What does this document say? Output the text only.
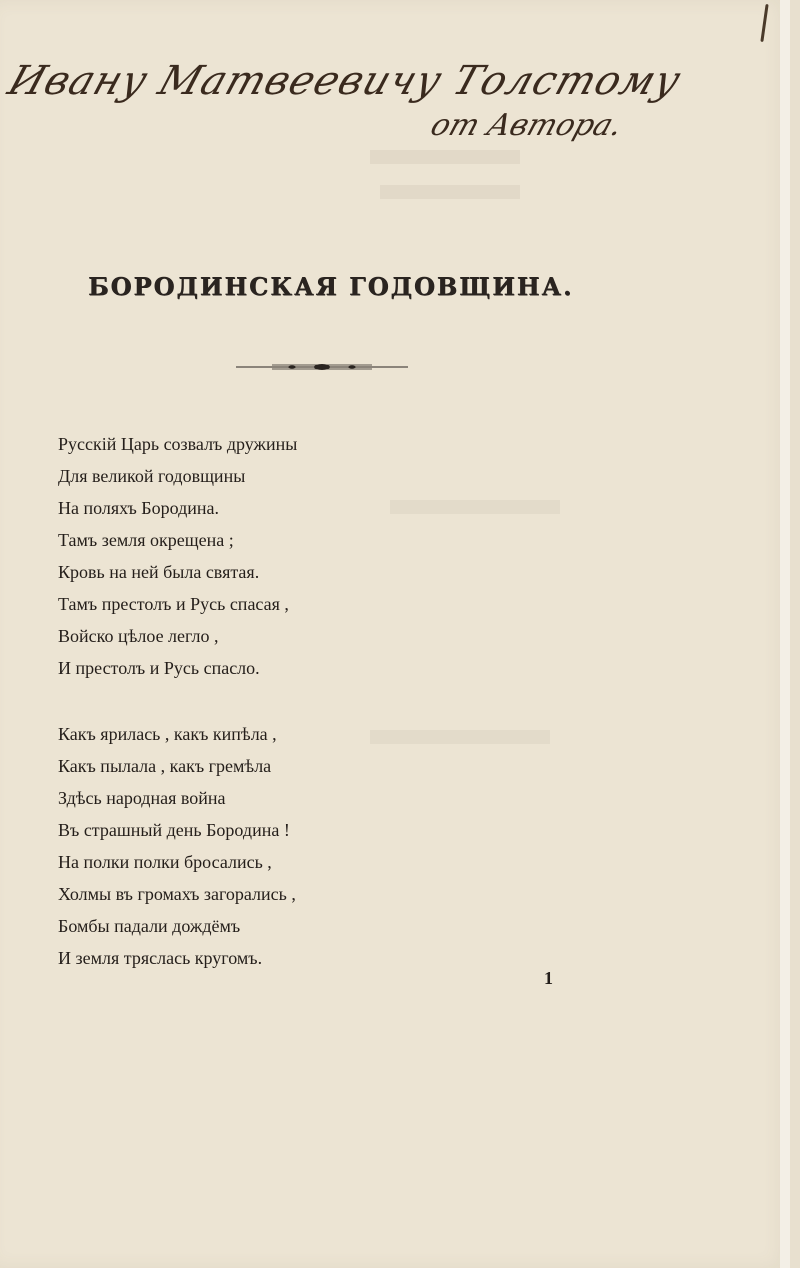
Ивану Матвеевичу Толстому
от Автора.
БОРОДИНСКАЯ ГОДОВЩИНА.
Русскій Царь созвалъ дружины
Для великой годовщины
На поляхъ Бородина.
Тамъ земля окрещена ;
Кровь на ней была святая.
Тамъ престолъ и Русь спасая ,
Войско цѣлое легло ,
И престолъ и Русь спасло.
Какъ ярилась , какъ кипѣла ,
Какъ пылала , какъ гремѣла
Здѣсь народная война
Въ страшный день Бородина !
На полки полки бросались ,
Холмы въ громахъ загорались ,
Бомбы падали дождёмъ
И земля тряслась кругомъ.
1
